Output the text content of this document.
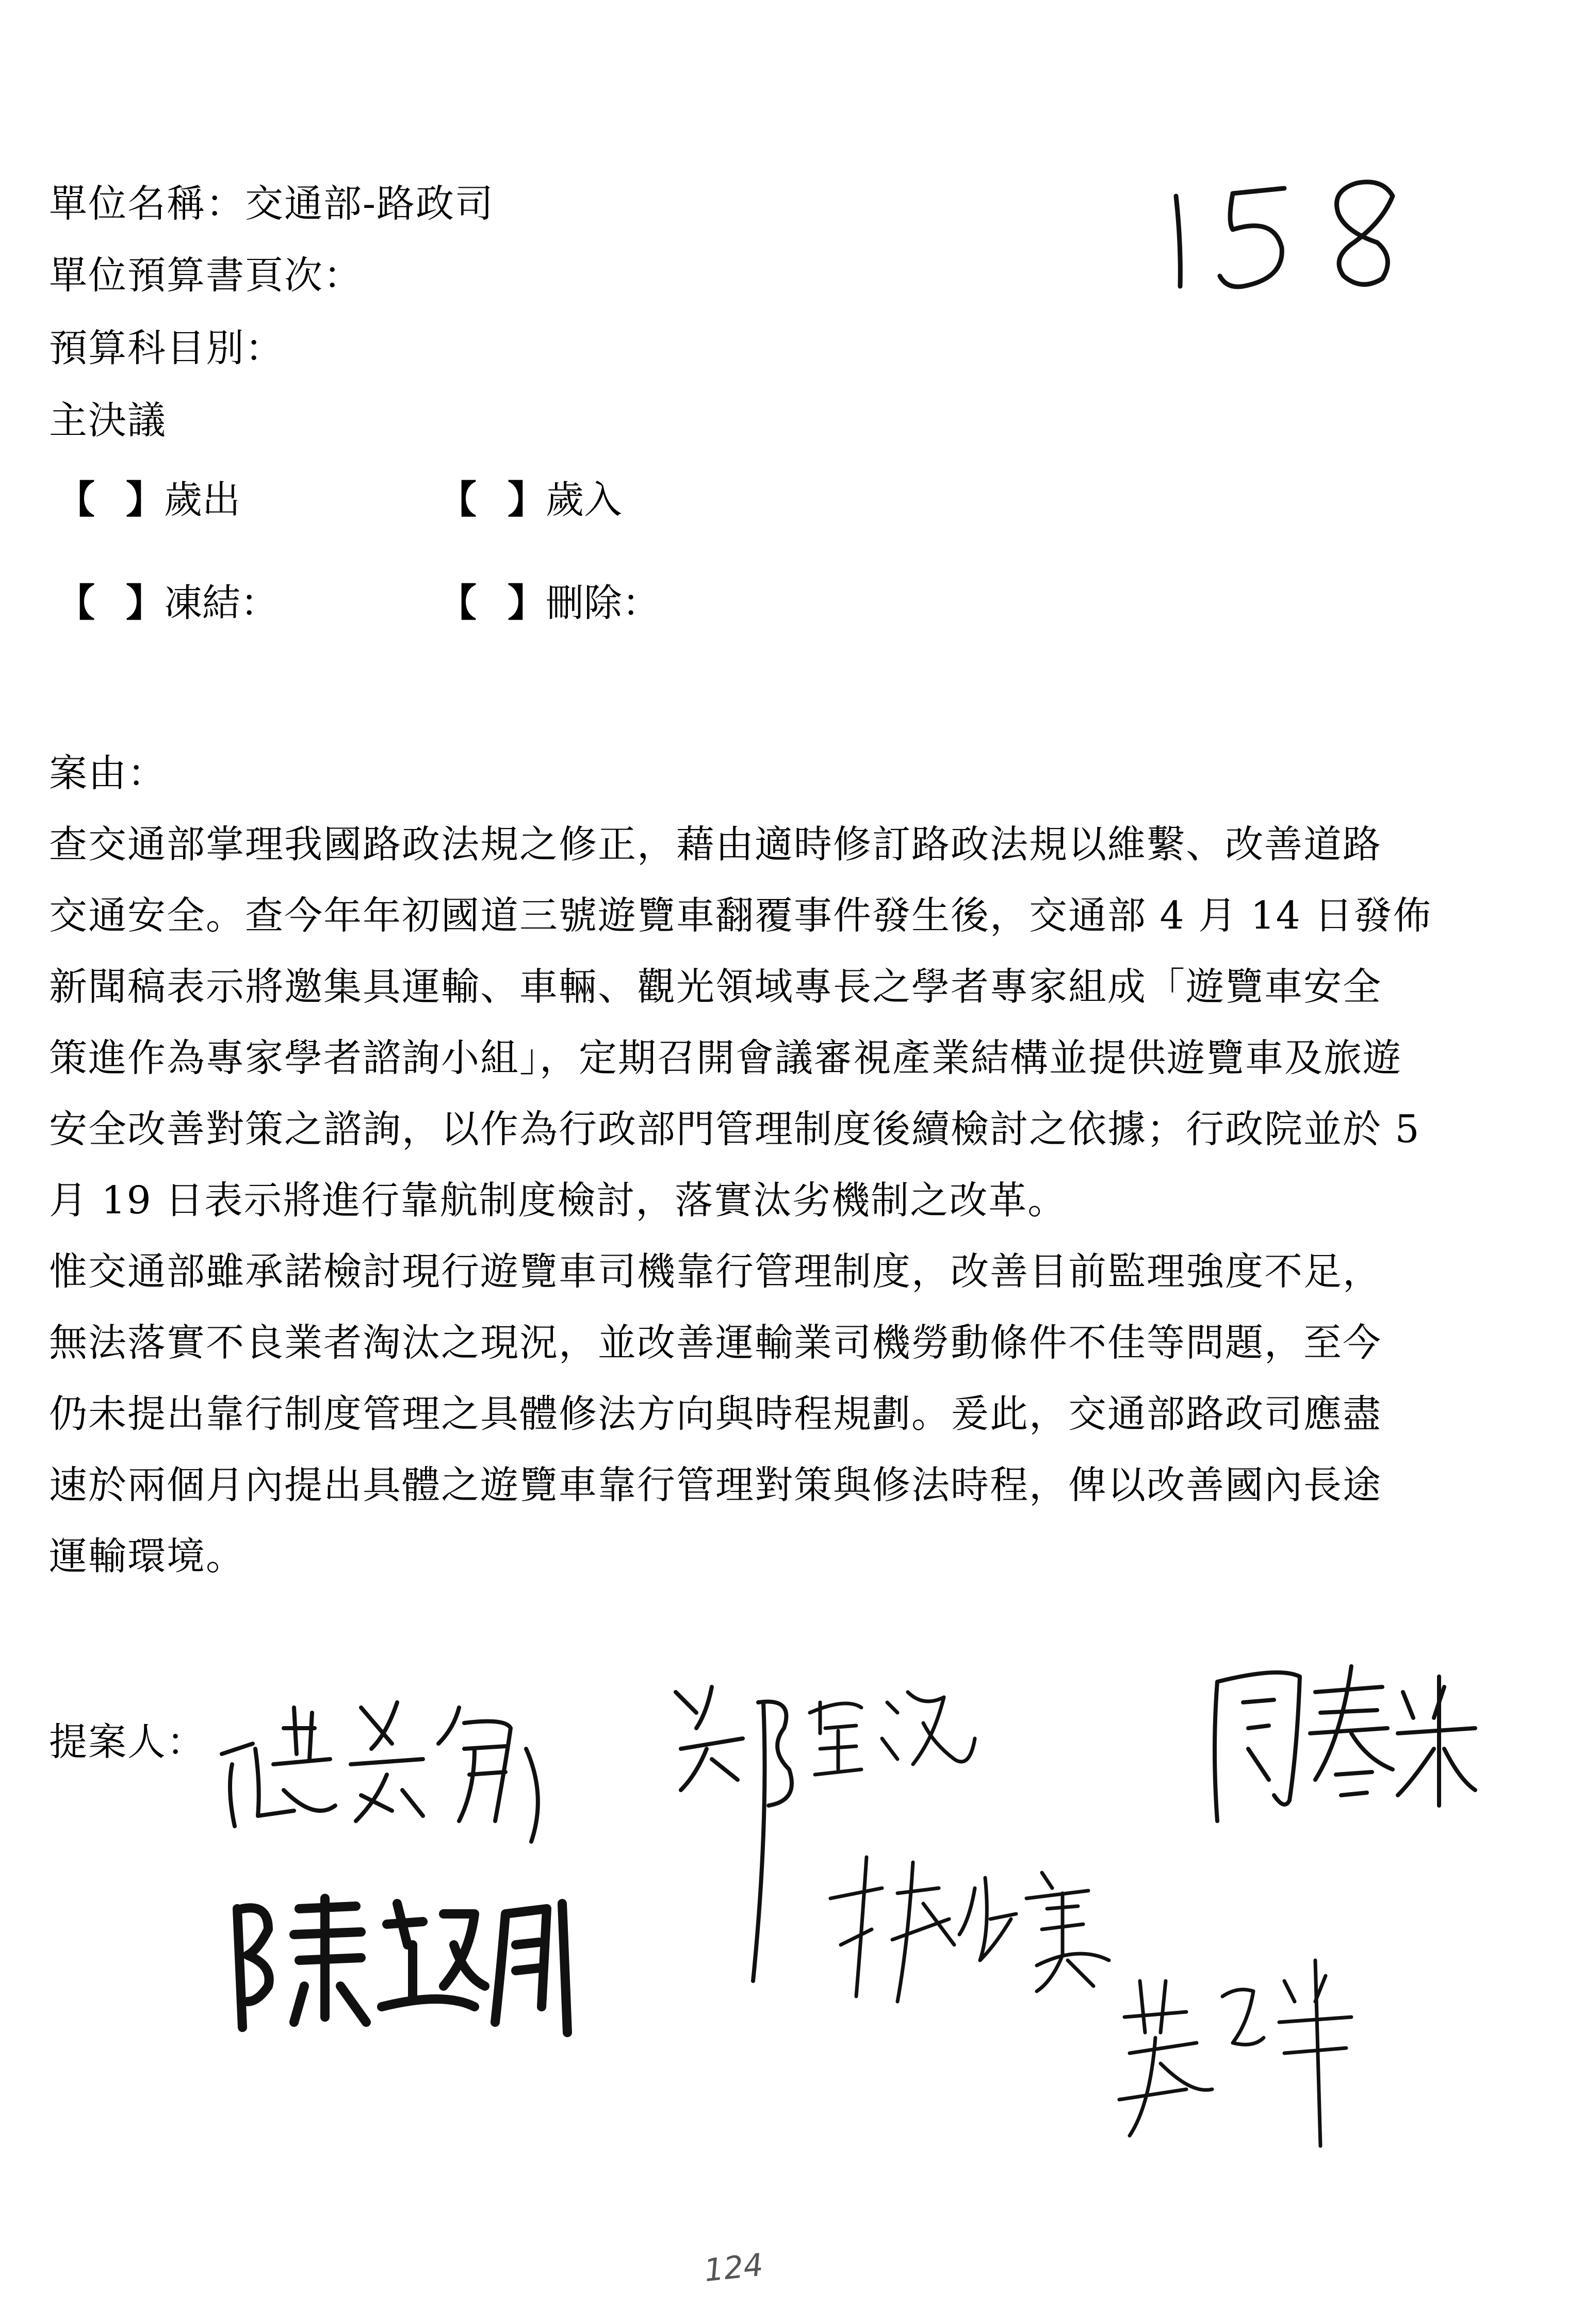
單位名稱：交通部-路政司
單位預算書頁次：
預算科目別：
主決議
【 】歲出	【 】歲入
【 】凍結：	【 】刪除：
案由：
查交通部掌理我國路政法規之修正，藉由適時修訂路政法規以維繫、改善道路
交通安全。查今年年初國道三號遊覽車翻覆事件發生後，交通部 4 月 14 日發佈
新聞稿表示將邀集具運輸、車輛、觀光領域專長之學者專家組成「遊覽車安全
策進作為專家學者諮詢小組」，定期召開會議審視產業結構並提供遊覽車及旅遊
安全改善對策之諮詢，以作為行政部門管理制度後續檢討之依據；行政院並於 5
月 19 日表示將進行靠航制度檢討，落實汰劣機制之改革。
惟交通部雖承諾檢討現行遊覽車司機靠行管理制度，改善目前監理強度不足，
無法落實不良業者淘汰之現況，並改善運輸業司機勞動條件不佳等問題，至今
仍未提出靠行制度管理之具體修法方向與時程規劃。爰此，交通部路政司應盡
速於兩個月內提出具體之遊覽車靠行管理對策與修法時程，俾以改善國內長途
運輸環境。
提案人：
124
